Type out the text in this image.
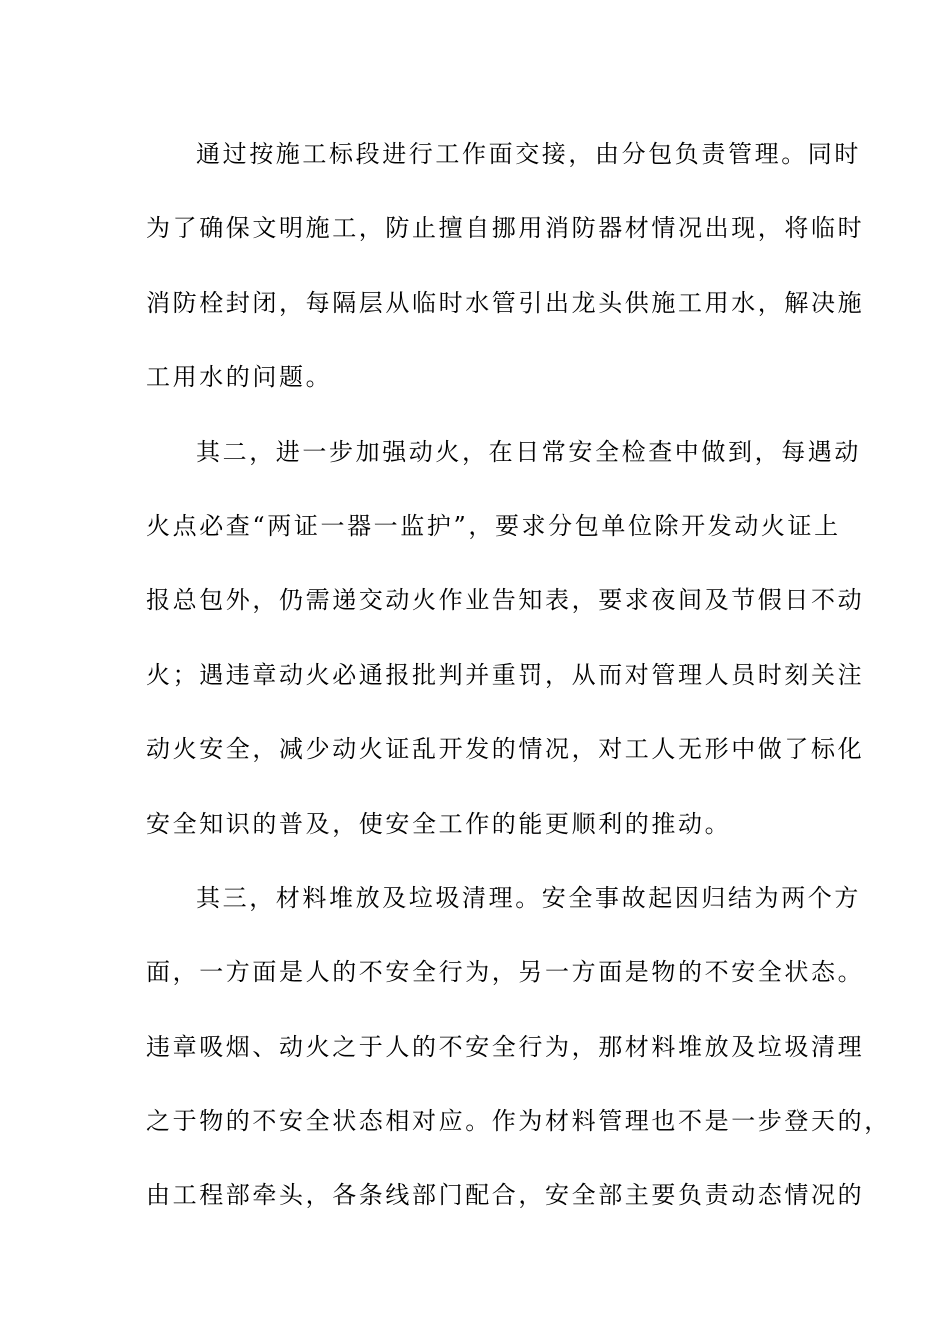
通过按施工标段进行工作面交接，由分包负责管理。同时
为了确保文明施工，防止擅自挪用消防器材情况出现，将临时
消防栓封闭，每隔层从临时水管引出龙头供施工用水，解决施
工用水的问题。
其二，进一步加强动火，在日常安全检查中做到，每遇动
火点必查“两证一器一监护”，要求分包单位除开发动火证上
报总包外，仍需递交动火作业告知表，要求夜间及节假日不动
火；遇违章动火必通报批判并重罚，从而对管理人员时刻关注
动火安全，减少动火证乱开发的情况，对工人无形中做了标化
安全知识的普及，使安全工作的能更顺利的推动。
其三，材料堆放及垃圾清理。安全事故起因归结为两个方
面，一方面是人的不安全行为，另一方面是物的不安全状态。
违章吸烟、动火之于人的不安全行为，那材料堆放及垃圾清理
之于物的不安全状态相对应。作为材料管理也不是一步登天的，
由工程部牵头，各条线部门配合，安全部主要负责动态情况的
